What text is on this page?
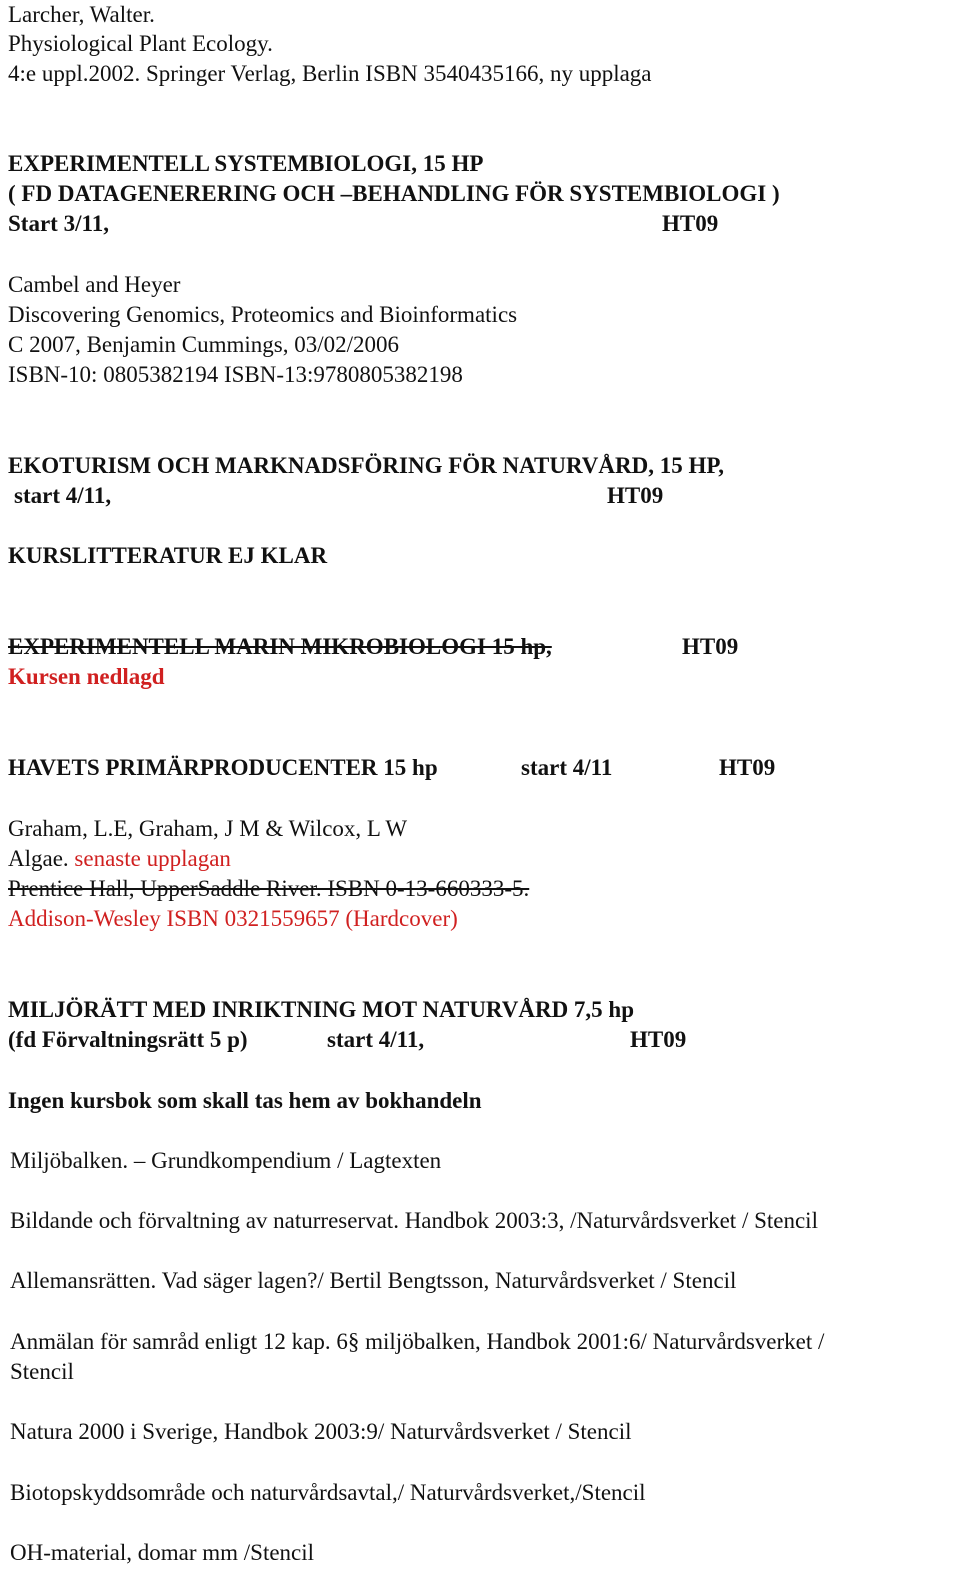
Larcher, Walter.
Physiological Plant Ecology.
4:e uppl.2002. Springer Verlag, Berlin ISBN 3540435166, ny upplaga
EXPERIMENTELL SYSTEMBIOLOGI, 15 HP
( FD DATAGENERERING OCH –BEHANDLING FÖR SYSTEMBIOLOGI )
Start 3/11,	HT09
Cambel and Heyer
Discovering Genomics, Proteomics and Bioinformatics
C 2007, Benjamin Cummings, 03/02/2006
ISBN-10: 0805382194 ISBN-13:9780805382198
EKOTURISM OCH MARKNADSFÖRING FÖR NATURVÅRD, 15 HP,
start 4/11,	HT09
KURSLITTERATUR EJ KLAR
EXPERIMENTELL MARIN MIKROBIOLOGI 15 hp,	HT09
Kursen nedlagd
HAVETS PRIMÄRPRODUCENTER 15 hp	start 4/11	HT09
Graham, L.E, Graham, J M & Wilcox, L W
Algae. senaste upplagan
Prentice Hall, UpperSaddle River. ISBN 0-13-660333-5.
Addison-Wesley ISBN 0321559657 (Hardcover)
MILJÖRÄTT MED INRIKTNING MOT NATURVÅRD 7,5 hp
(fd Förvaltningsrätt 5 p)	start 4/11,	HT09
Ingen kursbok som skall tas hem av bokhandeln
Miljöbalken. – Grundkompendium / Lagtexten
Bildande och förvaltning av naturreservat. Handbok 2003:3, /Naturvårdsverket / Stencil
Allemansrätten. Vad säger lagen?/ Bertil Bengtsson, Naturvårdsverket / Stencil
Anmälan för samråd enligt 12 kap. 6§ miljöbalken, Handbok 2001:6/ Naturvårdsverket /
Stencil
Natura 2000 i Sverige, Handbok 2003:9/ Naturvårdsverket / Stencil
Biotopskyddsområde och naturvårdsavtal,/ Naturvårdsverket,/Stencil
OH-material, domar mm /Stencil
